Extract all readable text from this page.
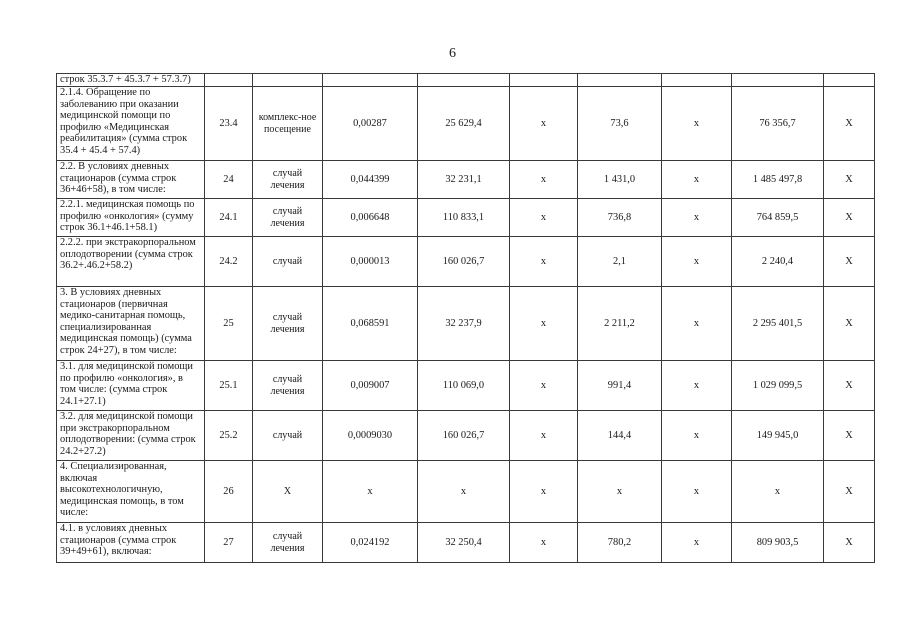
6
строк 35.3.7 + 45.3.7 + 57.3.7)									
2.1.4. Обращение по заболеванию при оказании медицинской помощи по профилю «Медицинская реабилитация» (сумма строк 35.4 + 45.4 + 57.4)	23.4	комплекс-ное посещение	0,00287	25 629,4	х	73,6	х	76 356,7	Х
2.2. В условиях дневных стационаров (сумма строк 36+46+58), в том числе:	24	случай лечения	0,044399	32 231,1	х	1 431,0	х	1 485 497,8	Х
2.2.1. медицинская помощь по профилю «онкология» (сумму строк 36.1+46.1+58.1)	24.1	случай лечения	0,006648	110 833,1	х	736,8	х	764 859,5	Х
2.2.2. при экстракорпоральном оплодотворении (сумма строк 36.2+.46.2+58.2)	24.2	случай	0,000013	160 026,7	х	2,1	х	2 240,4	Х
3. В условиях дневных стационаров (первичная медико-санитарная помощь, специализированная медицинская помощь) (сумма строк 24+27), в том числе:	25	случай лечения	0,068591	32 237,9	х	2 211,2	х	2 295 401,5	Х
3.1. для медицинской помощи по профилю «онкология», в том числе: (сумма строк 24.1+27.1)	25.1	случай лечения	0,009007	110 069,0	х	991,4	х	1 029 099,5	Х
3.2. для медицинской помощи при экстракорпоральном оплодотворении: (сумма строк 24.2+27.2)	25.2	случай	0,0009030	160 026,7	х	144,4	х	149 945,0	Х
4. Специализированная, включая высокотехнологичную, медицинская помощь, в том числе:	26	Х	х	х	х	х	х	х	Х
4.1. в условиях дневных стационаров (сумма строк 39+49+61), включая:	27	случай лечения	0,024192	32 250,4	х	780,2	х	809 903,5	Х
